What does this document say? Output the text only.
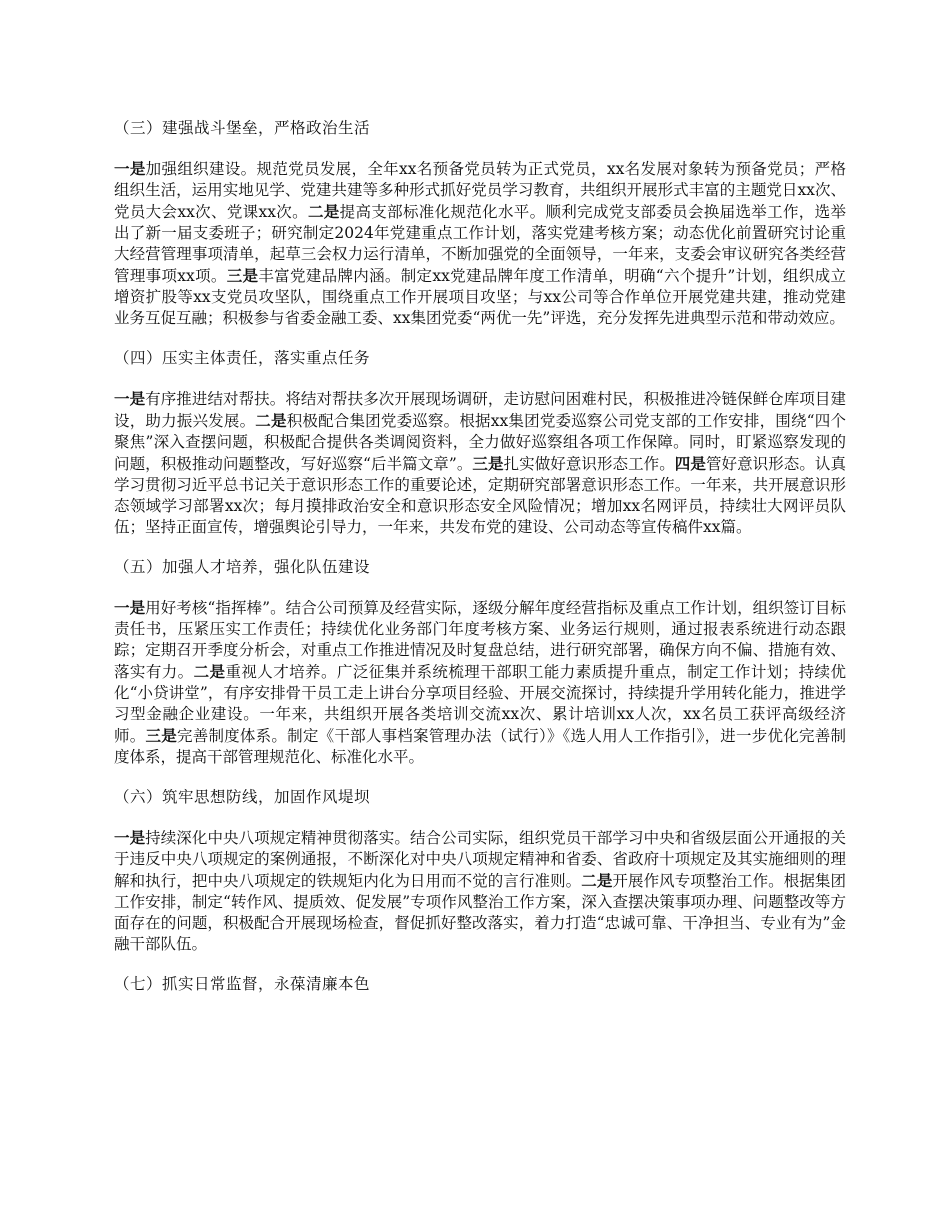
（三）建强战斗堡垒，严格政治生活
一是加强组织建设。规范党员发展，全年xx名预备党员转为正式党员，xx名发展对象转为预备党员；严格组织生活，运用实地见学、党建共建等多种形式抓好党员学习教育，共组织开展形式丰富的主题党日xx次、党员大会xx次、党课xx次。二是提高支部标准化规范化水平。顺利完成党支部委员会换届选举工作，选举出了新一届支委班子；研究制定2024年党建重点工作计划，落实党建考核方案；动态优化前置研究讨论重大经营管理事项清单，起草三会权力运行清单，不断加强党的全面领导，一年来，支委会审议研究各类经营管理事项xx项。三是丰富党建品牌内涵。制定xx党建品牌年度工作清单，明确“六个提升”计划，组织成立增资扩股等xx支党员攻坚队，围绕重点工作开展项目攻坚；与xx公司等合作单位开展党建共建，推动党建业务互促互融；积极参与省委金融工委、xx集团党委“两优一先”评选，充分发挥先进典型示范和带动效应。
（四）压实主体责任，落实重点任务
一是有序推进结对帮扶。将结对帮扶多次开展现场调研，走访慰问困难村民，积极推进冷链保鲜仓库项目建设，助力振兴发展。二是积极配合集团党委巡察。根据xx集团党委巡察公司党支部的工作安排，围绕“四个聚焦”深入查摆问题，积极配合提供各类调阅资料，全力做好巡察组各项工作保障。同时，盯紧巡察发现的问题，积极推动问题整改，写好巡察“后半篇文章”。三是扎实做好意识形态工作。四是管好意识形态。认真学习贯彻习近平总书记关于意识形态工作的重要论述，定期研究部署意识形态工作。一年来，共开展意识形态领域学习部署xx次；每月摸排政治安全和意识形态安全风险情况；增加xx名网评员，持续壮大网评员队伍；坚持正面宣传，增强舆论引导力，一年来，共发布党的建设、公司动态等宣传稿件xx篇。
（五）加强人才培养，强化队伍建设
一是用好考核“指挥棒”。结合公司预算及经营实际，逐级分解年度经营指标及重点工作计划，组织签订目标责任书，压紧压实工作责任；持续优化业务部门年度考核方案、业务运行规则，通过报表系统进行动态跟踪；定期召开季度分析会，对重点工作推进情况及时复盘总结，进行研究部署，确保方向不偏、措施有效、落实有力。二是重视人才培养。广泛征集并系统梳理干部职工能力素质提升重点，制定工作计划；持续优化“小贷讲堂”，有序安排骨干员工走上讲台分享项目经验、开展交流探讨，持续提升学用转化能力，推进学习型金融企业建设。一年来，共组织开展各类培训交流xx次、累计培训xx人次，xx名员工获评高级经济师。三是完善制度体系。制定《干部人事档案管理办法（试行）》《选人用人工作指引》，进一步优化完善制度体系，提高干部管理规范化、标准化水平。
（六）筑牢思想防线，加固作风堤坝
一是持续深化中央八项规定精神贯彻落实。结合公司实际，组织党员干部学习中央和省级层面公开通报的关于违反中央八项规定的案例通报，不断深化对中央八项规定精神和省委、省政府十项规定及其实施细则的理解和执行，把中央八项规定的铁规矩内化为日用而不觉的言行准则。二是开展作风专项整治工作。根据集团工作安排，制定“转作风、提质效、促发展”专项作风整治工作方案，深入查摆决策事项办理、问题整改等方面存在的问题，积极配合开展现场检查，督促抓好整改落实，着力打造“忠诚可靠、干净担当、专业有为”金融干部队伍。
（七）抓实日常监督，永葆清廉本色
